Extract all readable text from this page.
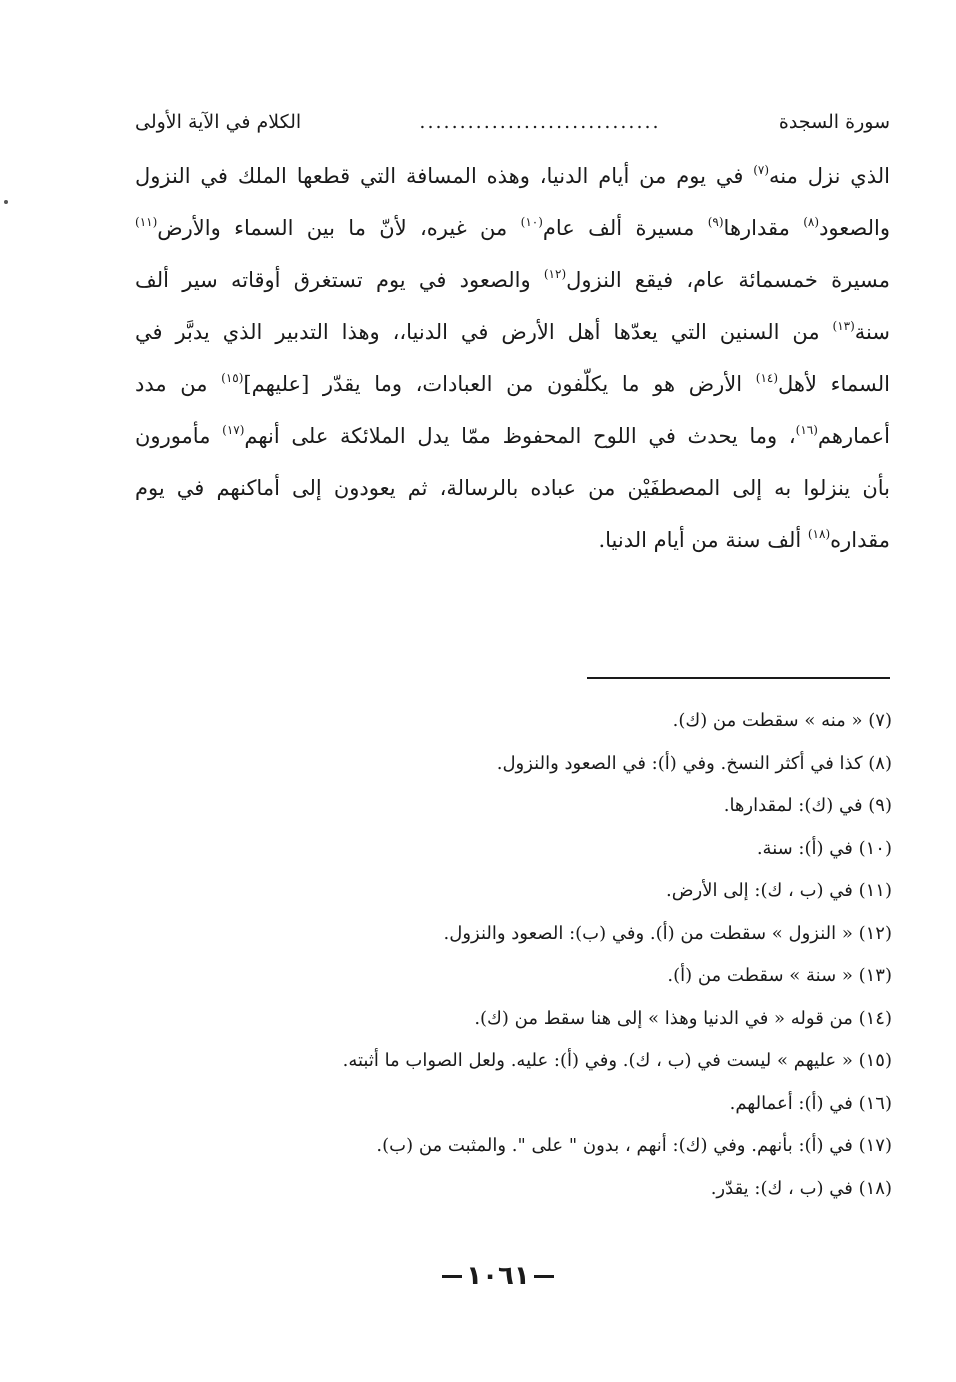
الكلام في الآية الأولى	..............................	سورة السجدة
الذي نزل منه$^{(٧)}$ في يوم من أيام الدنيا، وهذه المسافة التي قطعها الملك في النزول
والصعود$^{(٨)}$ مقدارها$^{(٩)}$ مسيرة ألف عام$^{(١٠)}$ من غيره، لأنّ ما بين السماء والأرض$^{(١١)}$
مسيرة خمسمائة عام، فيقع النزول$^{(١٢)}$ والصعود في يوم تستغرق أوقاته سير ألف
سنة$^{(١٣)}$ من السنين التي يعدّها أهل الأرض في الدنيا،، وهذا التدبير الذي يدبَّر في
السماء لأهل$^{(١٤)}$ الأرض هو ما يكلّفون من العبادات، وما يقدّر [عليهم]$^{(١٥)}$ من مدد
أعمارهم$^{(١٦)}$، وما يحدث في اللوح المحفوظ ممّا يدل الملائكة على أنهم$^{(١٧)}$ مأمورون
بأن ينزلوا به إلى المصطفَيْن من عباده بالرسالة، ثم يعودون إلى أماكنهم في يوم
مقداره$^{(١٨)}$ ألف سنة من أيام الدنيا.
(٧) « منه » سقطت من (ك).
(٨) كذا في أكثر النسخ. وفي (أ): في الصعود والنزول.
(٩) في (ك): لمقدارها.
(١٠) في (أ): سنة.
(١١) في (ب ، ك): إلى الأرض.
(١٢) « النزول » سقطت من (أ). وفي (ب): الصعود والنزول.
(١٣) « سنة » سقطت من (أ).
(١٤) من قوله « في الدنيا وهذا » إلى هنا سقط من (ك).
(١٥) « عليهم » ليست في (ب ، ك). وفي (أ): عليه. ولعل الصواب ما أثبته.
(١٦) في (أ): أعمالهم.
(١٧) في (أ): بأنهم. وفي (ك): أنهم ، بدون " على ". والمثبت من (ب).
(١٨) في (ب ، ك): يقدّر.
١٠٦١
